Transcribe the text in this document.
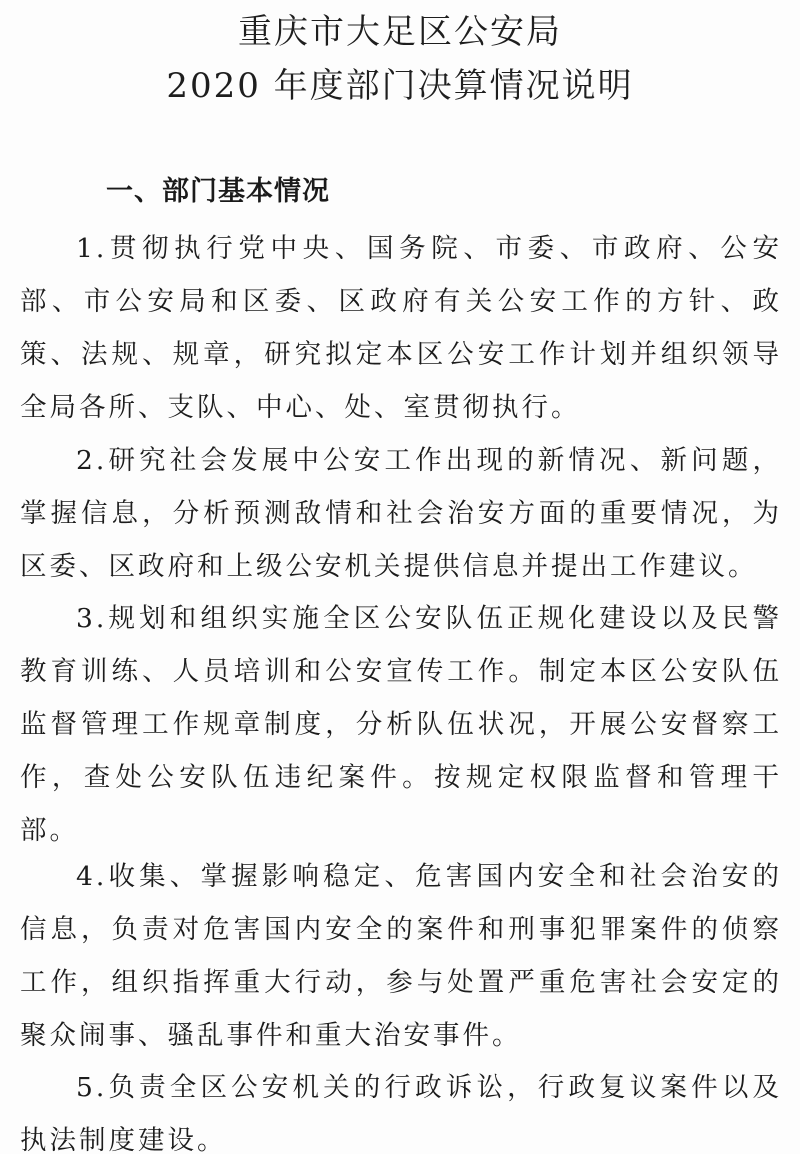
重庆市大足区公安局
2020 年度部门决算情况说明
一、部门基本情况
1.贯彻执行党中央、国务院、市委、市政府、公安部、市公安局和区委、区政府有关公安工作的方针、政策、法规、规章，研究拟定本区公安工作计划并组织领导全局各所、支队、中心、处、室贯彻执行。
2.研究社会发展中公安工作出现的新情况、新问题，掌握信息，分析预测敌情和社会治安方面的重要情况，为区委、区政府和上级公安机关提供信息并提出工作建议。
3.规划和组织实施全区公安队伍正规化建设以及民警教育训练、人员培训和公安宣传工作。制定本区公安队伍监督管理工作规章制度，分析队伍状况，开展公安督察工作，查处公安队伍违纪案件。按规定权限监督和管理干部。
4.收集、掌握影响稳定、危害国内安全和社会治安的信息，负责对危害国内安全的案件和刑事犯罪案件的侦察工作，组织指挥重大行动，参与处置严重危害社会安定的聚众闹事、骚乱事件和重大治安事件。
5.负责全区公安机关的行政诉讼，行政复议案件以及执法制度建设。
